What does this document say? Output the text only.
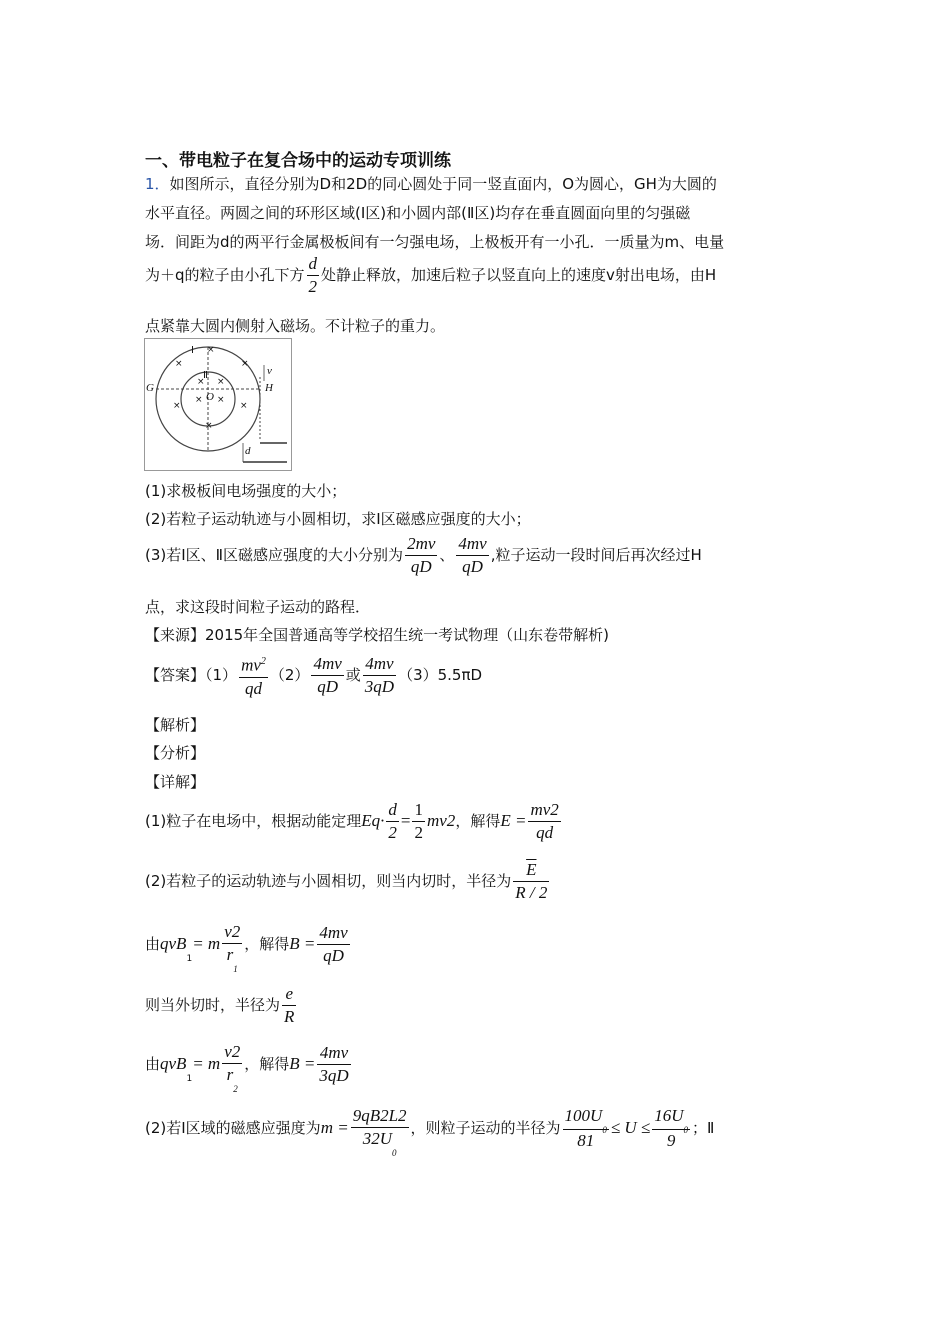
一、带电粒子在复合场中的运动专项训练
1．如图所示，直径分别为D和2D的同心圆处于同一竖直面内，O为圆心，GH为大圆的
水平直径。两圆之间的环形区域(Ⅰ区)和小圆内部(Ⅱ区)均存在垂直圆面向里的匀强磁
场．间距为d的两平行金属极板间有一匀强电场，上极板开有一小孔．一质量为m、电量
为＋q的粒子由小孔下方 $\frac{d}{2}$ 处静止释放，加速后粒子以竖直向上的速度v射出电场，由H
点紧靠大圆内侧射入磁场。不计粒子的重力。
Ⅰ ×
×	×
Ⅱ
× ×
× O ×
G	H
v
×	×
×
d
(1)求极板间电场强度的大小；
(2)若粒子运动轨迹与小圆相切，求Ⅰ区磁感应强度的大小；
(3)若Ⅰ区、Ⅱ区磁感应强度的大小分别为 $\frac{2mv}{qD}$ 、 $\frac{4mv}{qD}$ ,粒子运动一段时间后再次经过H
点，求这段时间粒子运动的路程．
【来源】2015年全国普通高等学校招生统一考试物理（山东卷带解析)
【答案】$(1) \frac{mv^2}{qd} (2) \frac{4mv}{qD}$ 或 $\frac{4mv}{3qD} (3)5.5\pi D$
【解析】
【分析】
【详解】
(1)粒子在电场中，根据动能定理$Eq\cdot \frac{d}{2} = \frac{1}{2} mv2$，解得$E = \frac{mv2}{qd}$
(2)若粒子的运动轨迹与小圆相切，则当内切时，半径为 $\frac{\overline{E}}{R / 2}$
由qvB$_1$= m $\frac{v2}{r_1}$ ，解得$B = \frac{4mv}{qD}$
则当外切时，半径为 $\frac{e}{R}$
由qvB$_1$= m $\frac{v2}{r_2}$ ，解得$B = \frac{4mv}{3qD}$
(2)若Ⅰ区域的磁感应强度为$m = \frac{9qB2L2}{32U_0}$ ，则粒子运动的半径为 $\frac{100U_0}{81} \le U \le \frac{16U_0}{9}$ ；Ⅱ
